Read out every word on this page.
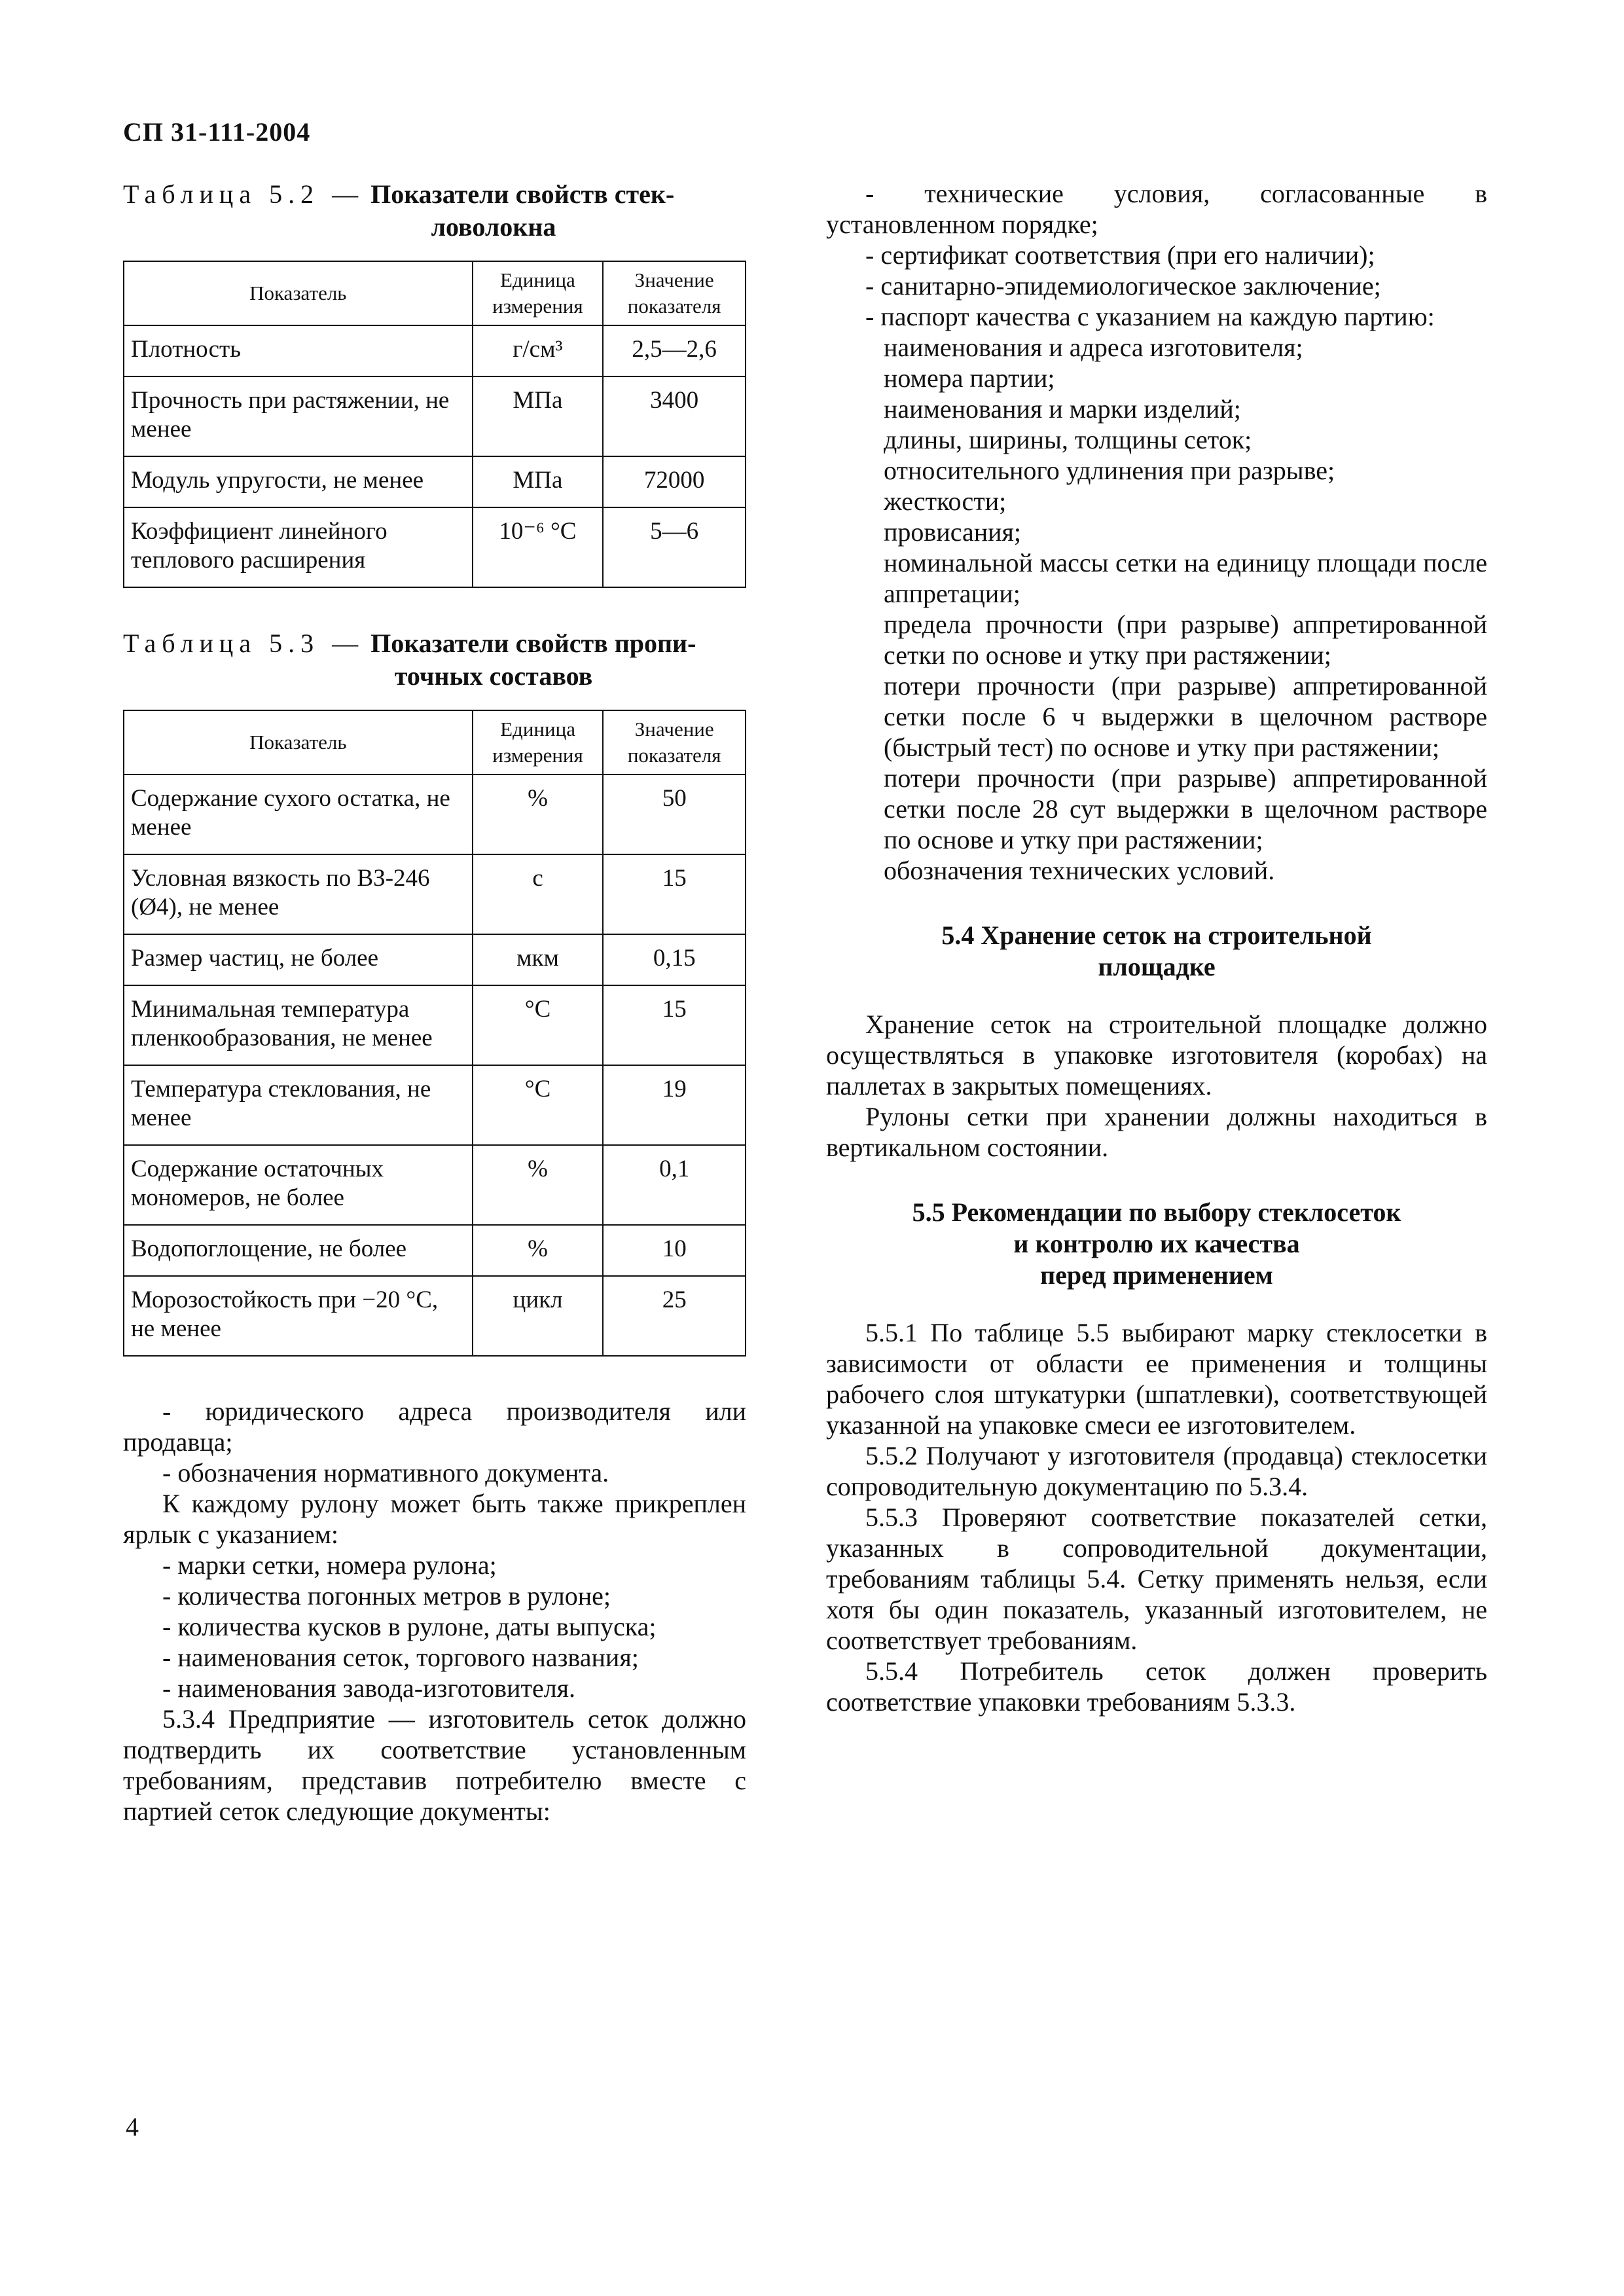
СП 31-111-2004
Таблица 5.2 — Показатели свойств стек-
ловолокна
Показатель	Единица измерения	Значение показателя
Плотность	г/см³	2,5—2,6
Прочность при растяжении, не менее	МПа	3400
Модуль упругости, не менее	МПа	72000
Коэффициент линейного теплового расширения	10⁻⁶ °С	5—6
Таблица 5.3 — Показатели свойств пропи-
точных составов
Показатель	Единица измерения	Значение показателя
Содержание сухого остатка, не менее	%	50
Условная вязкость по ВЗ-246 (Ø4), не менее	с	15
Размер частиц, не более	мкм	0,15
Минимальная температура пленкообразования, не менее	°С	15
Температура стеклования, не менее	°С	19
Содержание остаточных мономеров, не более	%	0,1
Водопоглощение, не более	%	10
Морозостойкость при −20 °С, не менее	цикл	25

- юридического адреса производителя или продавца;

- обозначения нормативного документа.

К каждому рулону может быть также прикреплен ярлык с указанием:

- марки сетки, номера рулона;

- количества погонных метров в рулоне;

- количества кусков в рулоне, даты выпуска;

- наименования сеток, торгового названия;

- наименования завода-изготовителя.

5.3.4 Предприятие — изготовитель сеток должно подтвердить их соответствие установленным требованиям, представив потребителю вместе с партией сеток следующие документы:

- технические условия, согласованные в установленном порядке;

- сертификат соответствия (при его наличии);

- санитарно-эпидемиологическое заключение;

- паспорт качества с указанием на каждую партию:

наименования и адреса изготовителя;

номера партии;

наименования и марки изделий;

длины, ширины, толщины сеток;

относительного удлинения при разрыве;

жесткости;

провисания;

номинальной массы сетки на единицу площади после аппретации;

предела прочности (при разрыве) аппретированной сетки по основе и утку при растяжении;

потери прочности (при разрыве) аппретированной сетки после 6 ч выдержки в щелочном растворе (быстрый тест) по основе и утку при растяжении;

потери прочности (при разрыве) аппретированной сетки после 28 сут выдержки в щелочном растворе по основе и утку при растяжении;

обозначения технических условий.

5.4 Хранение сеток на строительной

площадке

Хранение сеток на строительной площадке должно осуществляться в упаковке изготовителя (коробах) на паллетах в закрытых помещениях.

Рулоны сетки при хранении должны находиться в вертикальном состоянии.

5.5 Рекомендации по выбору стеклосеток

и контролю их качества

перед применением

5.5.1 По таблице 5.5 выбирают марку стеклосетки в зависимости от области ее применения и толщины рабочего слоя штукатурки (шпатлевки), соответствующей указанной на упаковке смеси ее изготовителем.

5.5.2 Получают у изготовителя (продавца) стеклосетки сопроводительную документацию по 5.3.4.

5.5.3 Проверяют соответствие показателей сетки, указанных в сопроводительной документации, требованиям таблицы 5.4. Сетку применять нельзя, если хотя бы один показатель, указанный изготовителем, не соответствует требованиям.

5.5.4 Потребитель сеток должен проверить соответствие упаковки требованиям 5.3.3.

4
